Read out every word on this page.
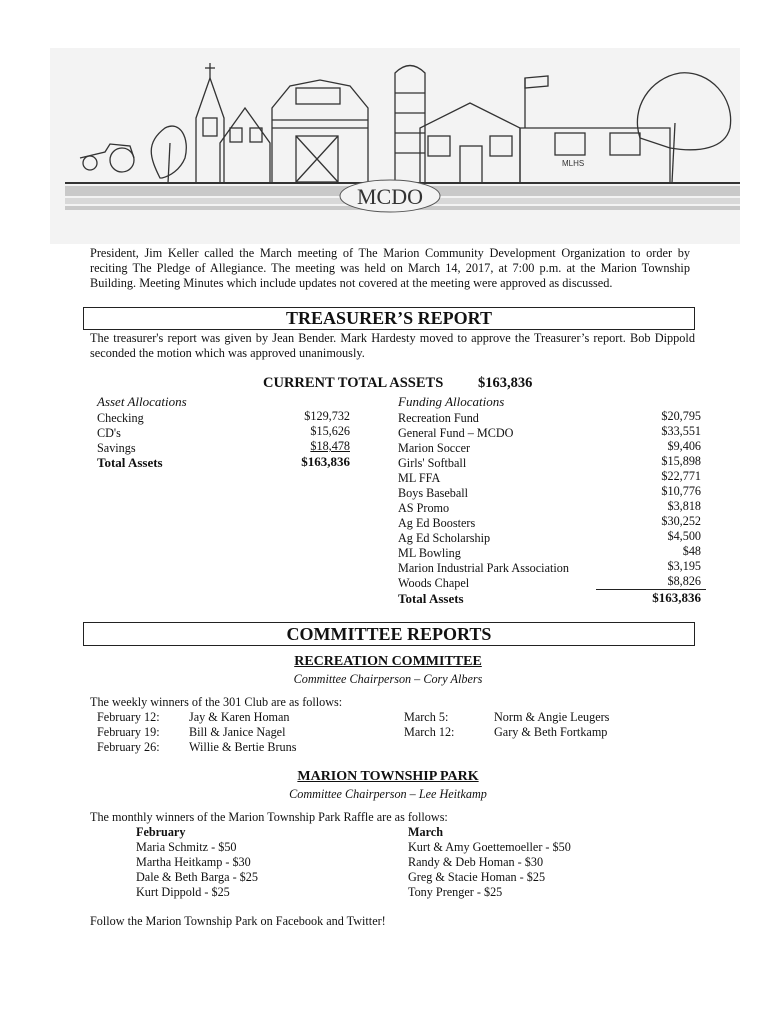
MCDO
MLHS
President, Jim Keller called the March meeting of The Marion Community Development Organization to order by reciting The Pledge of Allegiance. The meeting was held on March 14, 2017, at 7:00 p.m. at the Marion Township Building. Meeting Minutes which include updates not covered at the meeting were approved as discussed.
TREASURER’S REPORT
The treasurer's report was given by Jean Bender. Mark Hardesty moved to approve the Treasurer’s report. Bob Dippold seconded the motion which was approved unanimously.
CURRENT TOTAL ASSETS $163,836
Asset Allocations	Funding Allocations
Checking	$129,732
CD's	$15,626
Savings	$18,478
Total Assets	$163,836
Recreation Fund	$20,795
General Fund – MCDO	$33,551
Marion Soccer	$9,406
Girls' Softball	$15,898
ML FFA	$22,771
Boys Baseball	$10,776
AS Promo	$3,818
Ag Ed Boosters	$30,252
Ag Ed Scholarship	$4,500
ML Bowling	$48
Marion Industrial Park Association	$3,195
Woods Chapel	$8,826
Total Assets	$163,836
COMMITTEE REPORTS
RECREATION COMMITTEE
Committee Chairperson – Cory Albers
The weekly winners of the 301 Club are as follows:
February 12: Jay & Karen Homan
February 19: Bill & Janice Nagel
February 26: Willie & Bertie Bruns
March 5:	Norm & Angie Leugers
March 12:	Gary & Beth Fortkamp
MARION TOWNSHIP PARK
Committee Chairperson – Lee Heitkamp
The monthly winners of the Marion Township Park Raffle are as follows:
February
Maria Schmitz - $50
Martha Heitkamp - $30
Dale & Beth Barga - $25
Kurt Dippold - $25
March
Kurt & Amy Goettemoeller - $50
Randy & Deb Homan - $30
Greg & Stacie Homan - $25
Tony Prenger - $25
Follow the Marion Township Park on Facebook and Twitter!
